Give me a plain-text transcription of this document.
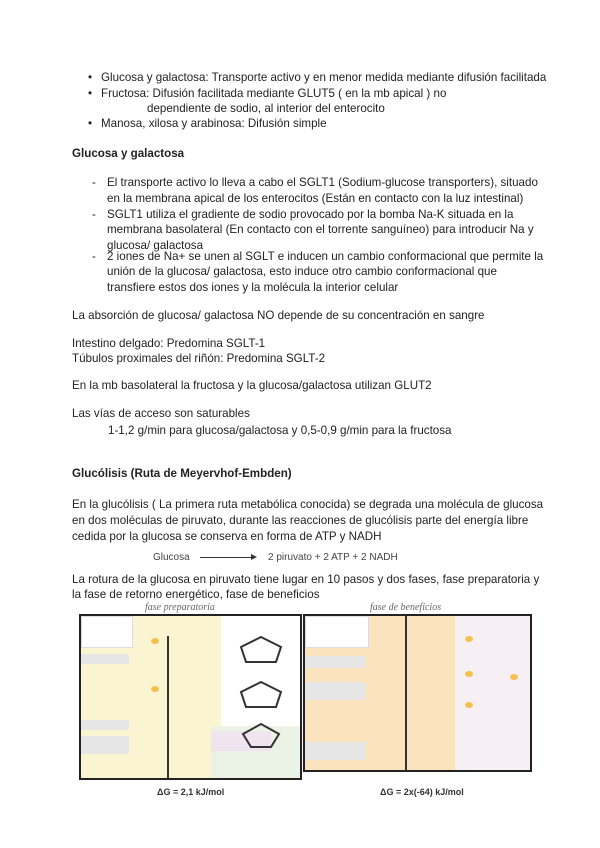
• Glucosa y galactosa: Transporte activo y en menor medida mediante difusión facilitada
• Fructosa: Difusión facilitada mediante GLUT5 ( en la mb apical ) no
dependiente de sodio, al interior del enterocito
• Manosa, xilosa y arabinosa: Difusión simple
Glucosa y galactosa
- El transporte activo lo lleva a cabo el SGLT1 (Sodium-glucose transporters), situado
en la membrana apical de los enterocitos (Están en contacto con la luz intestinal)
- SGLT1 utiliza el gradiente de sodio provocado por la bomba Na-K situada en la
membrana basolateral (En contacto con el torrente sanguíneo) para introducir Na y
glucosa/ galactosa
- 2 iones de Na+ se unen al SGLT e inducen un cambio conformacional que permite la
unión de la glucosa/ galactosa, esto induce otro cambio conformacional que
transfiere estos dos iones y la molécula la interior celular
La absorción de glucosa/ galactosa NO depende de su concentración en sangre
Intestino delgado: Predomina SGLT-1
Túbulos proximales del riñón: Predomina SGLT-2
En la mb basolateral la fructosa y la glucosa/galactosa utilizan GLUT2
Las vías de acceso son saturables
1-1,2 g/min para glucosa/galactosa y 0,5-0,9 g/min para la fructosa
Glucólisis (Ruta de Meyervhof-Embden)
En la glucólisis ( La primera ruta metabólica conocida) se degrada una molécula de glucosa
en dos moléculas de piruvato, durante las reacciones de glucólisis parte del energía libre
cedida por la glucosa se conserva en forma de ATP y NADH
Glucosa	2 piruvato + 2 ATP + 2 NADH
La rotura de la glucosa en piruvato tiene lugar en 10 pasos y dos fases, fase preparatoria y
la fase de retorno energético, fase de beneficios
fase preparatoria	fase de beneficios
ΔG = 2,1 kJ/mol	ΔG = 2x(-64) kJ/mol
